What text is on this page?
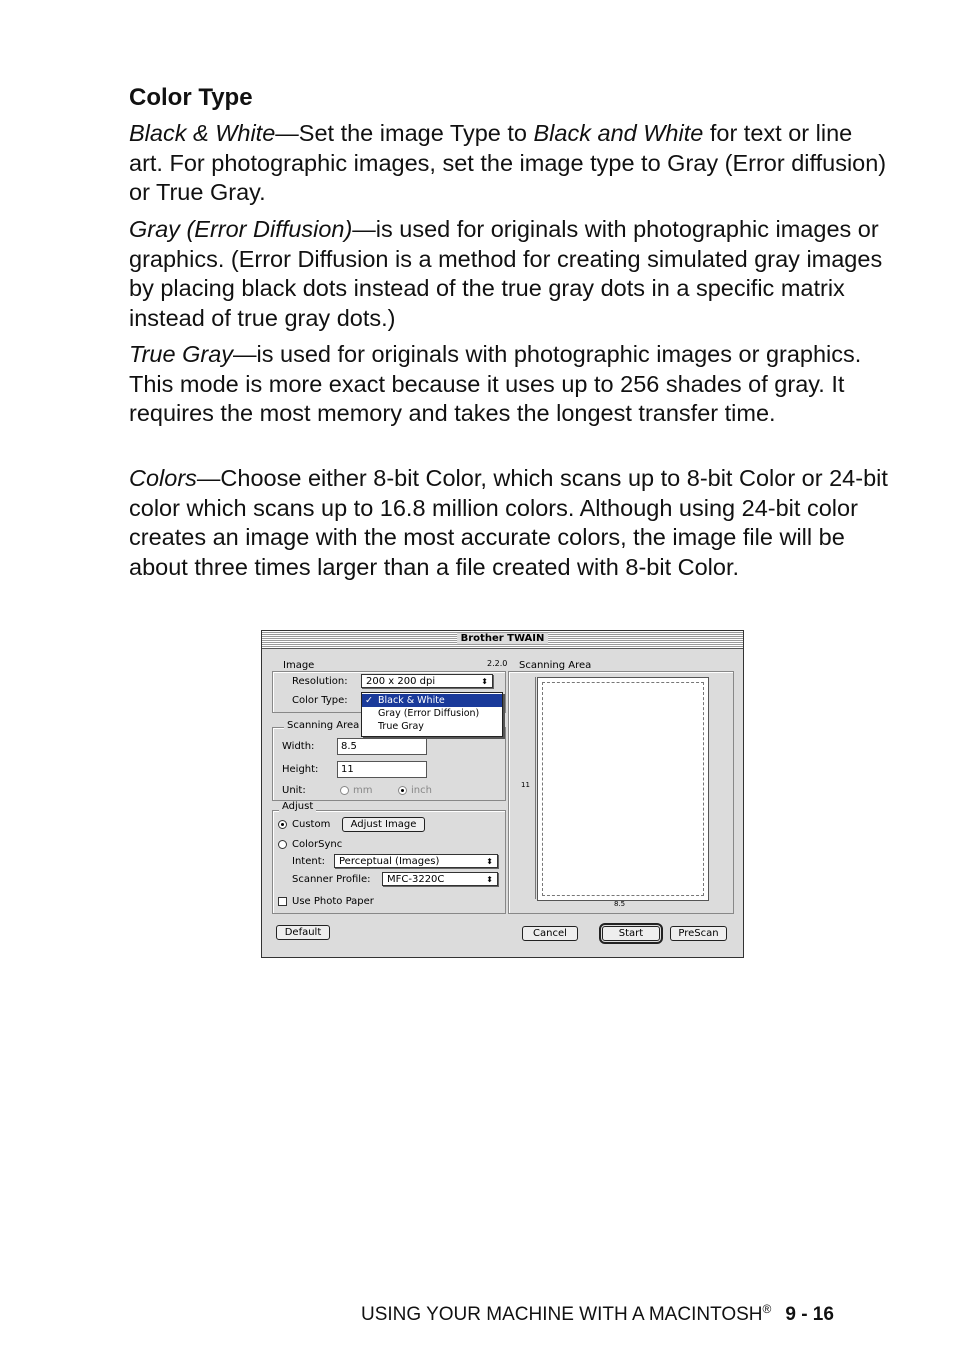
Color Type
Black & White—Set the image Type to Black and White for text or line art. For photographic images, set the image type to Gray (Error diffusion) or True Gray.
Gray (Error Diffusion)—is used for originals with photographic images or graphics. (Error Diffusion is a method for creating simulated gray images by placing black dots instead of the true gray dots in a specific matrix instead of true gray dots.)
True Gray—is used for originals with photographic images or graphics. This mode is more exact because it uses up to 256 shades of gray. It requires the most memory and takes the longest transfer time.
Colors—Choose either 8-bit Color, which scans up to 8-bit Color or 24-bit color which scans up to 16.8 million colors. Although using 24-bit color creates an image with the most accurate colors, the image file will be about three times larger than a file created with 8-bit Color.
Brother TWAIN
2.2.0
Image
Resolution:	200 x 200 dpi	⬍
Color Type: ✓ Black & White
Gray (Error Diffusion)
True Gray
Scanning Area
Width:	8.5
Height:	11
Unit:	mm	inch
Adjust
Custom	Adjust Image
ColorSync
Intent:	Perceptual (Images)	⬍
Scanner Profile:	MFC-3220C	⬍
Use Photo Paper
Scanning Area
11
8.5
Default	Cancel	Start	PreScan
USING YOUR MACHINE WITH A MACINTOSH® 9 - 16
